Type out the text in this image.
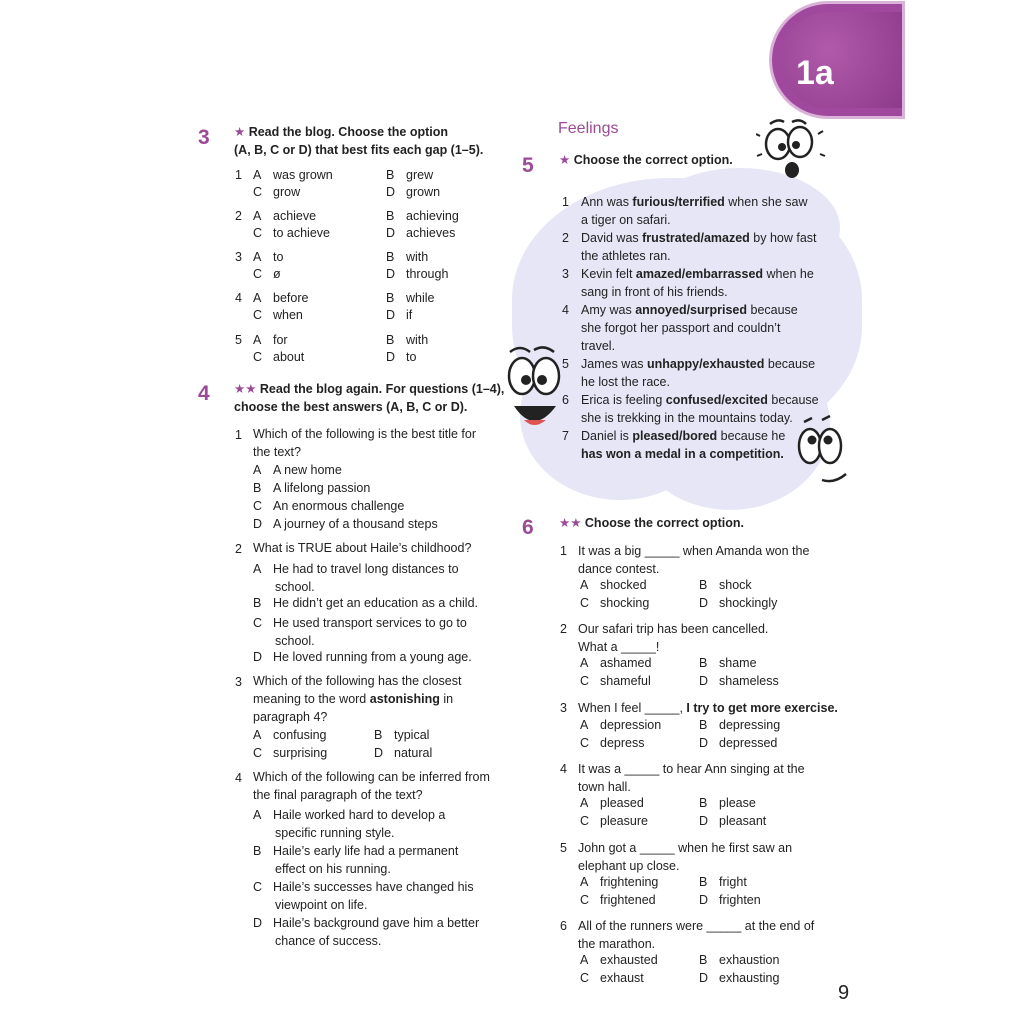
1a
3 ★ Read the blog. Choose the option
(A, B, C or D) that best fits each gap (1–5).
1 A was grown	B grew
C grow	D grown
2 A achieve	B achieving
C to achieve	D achieves
3 A to	B with
C ø	D through
4 A before	B while
C when	D if
5 A for	B with
C about	D to
4 ★★ Read the blog again. For questions (1–4),
choose the best answers (A, B, C or D).
1 Which of the following is the best title for
the text?
A A new home
B A lifelong passion
C An enormous challenge
D A journey of a thousand steps
2 What is TRUE about Haile’s childhood?
A He had to travel long distances to
school.
B He didn’t get an education as a child.
C He used transport services to go to
school.
D He loved running from a young age.
3 Which of the following has the closest
meaning to the word astonishing in
paragraph 4?
A confusing	B typical
C surprising	D natural
4 Which of the following can be inferred from
the final paragraph of the text?
A Haile worked hard to develop a
specific running style.
B Haile’s early life had a permanent
effect on his running.
C Haile’s successes have changed his
viewpoint on life.
D Haile’s background gave him a better
chance of success.
Feelings
5 ★ Choose the correct option.
1 Ann was furious/terrified when she saw
a tiger on safari.
2 David was frustrated/amazed by how fast
the athletes ran.
3 Kevin felt amazed/embarrassed when he
sang in front of his friends.
4 Amy was annoyed/surprised because
she forgot her passport and couldn’t
travel.
5 James was unhappy/exhausted because
he lost the race.
6 Erica is feeling confused/excited because
she is trekking in the mountains today.
7 Daniel is pleased/bored because he
has won a medal in a competition.
6 ★★ Choose the correct option.
1 It was a big _____ when Amanda won the
dance contest.
A shocked	B shock
C shocking	D shockingly
2 Our safari trip has been cancelled.
What a _____!
A ashamed	B shame
C shameful	D shameless
3 When I feel _____, I try to get more exercise.
A depression	B depressing
C depress	D depressed
4 It was a _____ to hear Ann singing at the
town hall.
A pleased	B please
C pleasure	D pleasant
5 John got a _____ when he first saw an
elephant up close.
A frightening	B fright
C frightened	D frighten
6 All of the runners were _____ at the end of
the marathon.
A exhausted	B exhaustion
C exhaust	D exhausting
9
